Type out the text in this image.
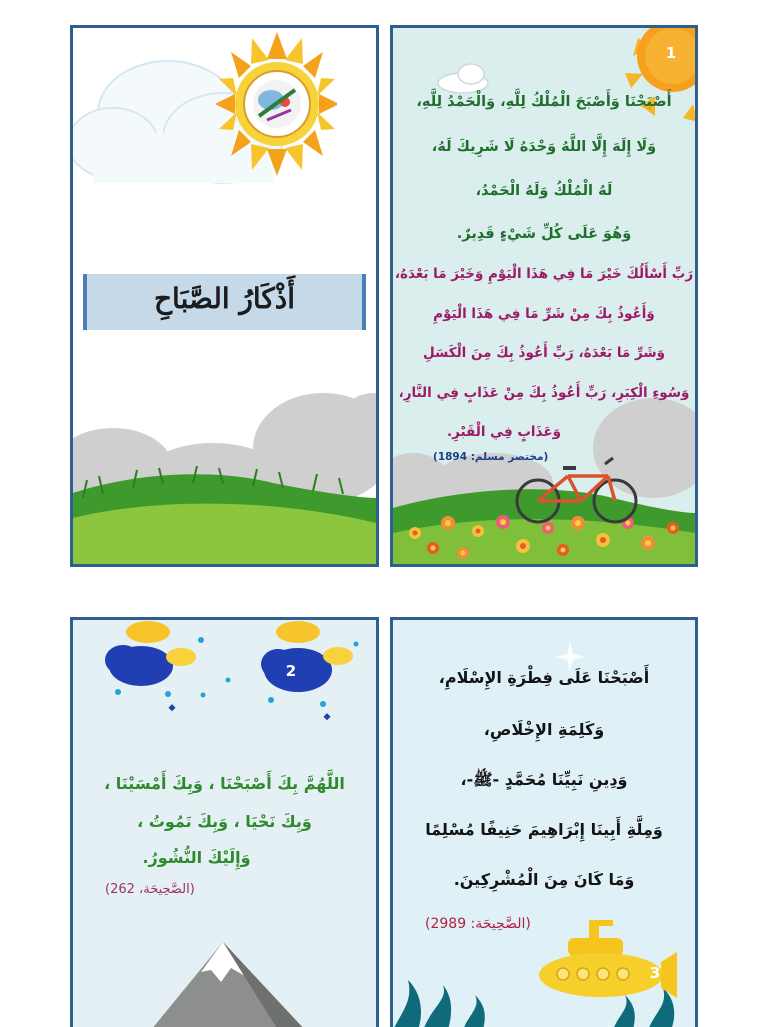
أَذْكَارُ الصَّبَاحِ
1
أَصْبَحْنَا وَأَصْبَحَ الْمُلْكُ لِلَّهِ، وَالْحَمْدُ لِلَّهِ،
وَلَا إِلَهَ إِلَّا اللَّهُ وَحْدَهُ لَا شَرِيكَ لَهُ،
لَهُ الْمُلْكُ وَلَهُ الْحَمْدُ،
وَهُوَ عَلَى كُلِّ شَيْءٍ قَدِيرٌ.
رَبِّ أَسْأَلُكَ خَيْرَ مَا فِي هَذَا الْيَوْمِ وَخَيْرَ مَا بَعْدَهُ،
وَأَعُوذُ بِكَ مِنْ شَرِّ مَا فِي هَذَا الْيَوْمِ
وَشَرِّ مَا بَعْدَهُ، رَبِّ أَعُوذُ بِكَ مِنَ الْكَسَلِ
وَسُوءِ الْكِبَرِ، رَبِّ أَعُوذُ بِكَ مِنْ عَذَابٍ فِي النَّارِ،
وَعَذَابٍ فِي الْقَبْرِ.
(مختصر مسلم: 1894)
2
اللَّهُمَّ بِكَ أَصْبَحْنَا ، وَبِكَ أَمْسَيْنَا ،
وَبِكَ نَحْيَا ، وَبِكَ نَمُوتُ ،
وَإِلَيْكَ النُّشُورُ.
(الصَّحِيحَة، 262)
3
أَصْبَحْنَا عَلَى فِطْرَةِ الإِسْلَامِ،
وَكَلِمَةِ الإِخْلَاصِ،
وَدِينِ نَبِيِّنَا مُحَمَّدٍ -ﷺ-،
وَمِلَّةِ أَبِينَا إِبْرَاهِيمَ حَنِيفًا مُسْلِمًا
وَمَا كَانَ مِنَ الْمُشْرِكِينَ.
(الصَّحِيحَة: 2989)
